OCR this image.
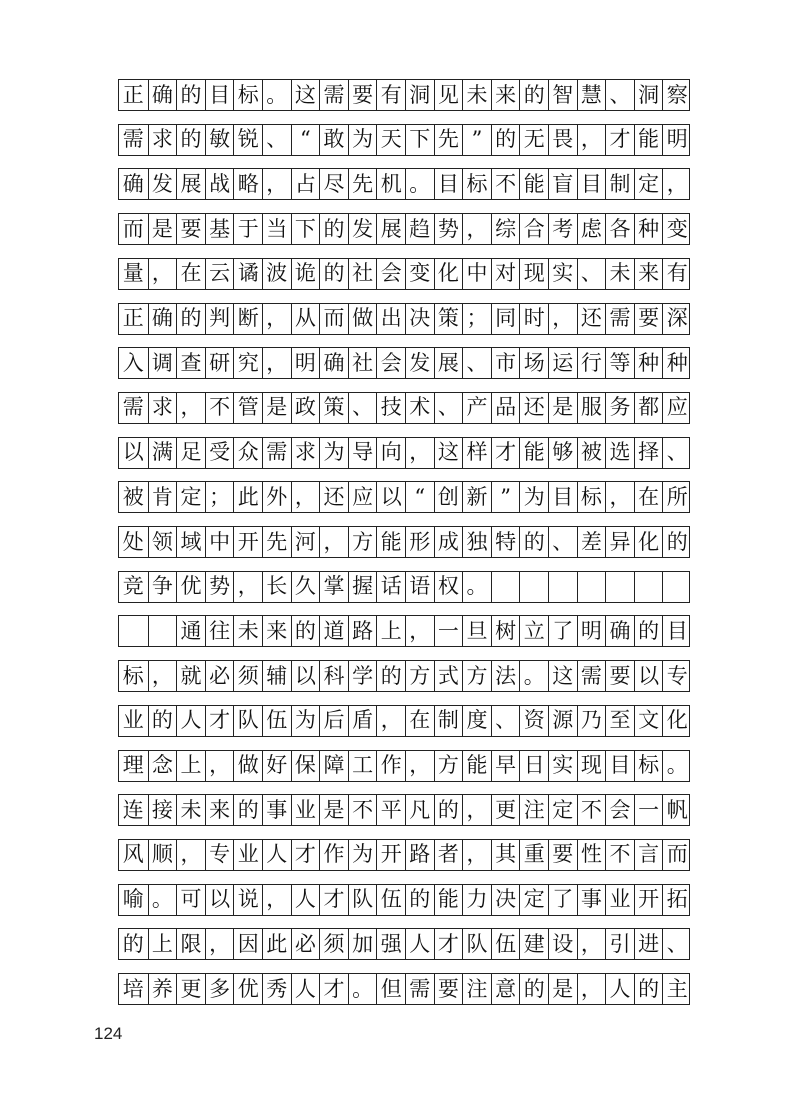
正 确 的 目 标 。 这 需 要 有 洞 见 未 来 的 智 慧 、 洞 察
需 求 的 敏 锐 、 “ 敢 为 天 下 先 ” 的 无 畏 ， 才 能 明
确 发 展 战 略 ， 占 尽 先 机 。 目 标 不 能 盲 目 制 定 ，
而 是 要 基 于 当 下 的 发 展 趋 势 ， 综 合 考 虑 各 种 变
量 ， 在 云 谲 波 诡 的 社 会 变 化 中 对 现 实 、 未 来 有
正 确 的 判 断 ， 从 而 做 出 决 策 ； 同 时 ， 还 需 要 深
入 调 查 研 究 ， 明 确 社 会 发 展 、 市 场 运 行 等 种 种
需 求 ， 不 管 是 政 策 、 技 术 、 产 品 还 是 服 务 都 应
以 满 足 受 众 需 求 为 导 向 ， 这 样 才 能 够 被 选 择 、
被 肯 定 ； 此 外 ， 还 应 以 “ 创 新 ” 为 目 标 ， 在 所
处 领 域 中 开 先 河 ， 方 能 形 成 独 特 的 、 差 异 化 的
竞 争 优 势 ， 长 久 掌 握 话 语 权 。
通 往 未 来 的 道 路 上 ， 一 旦 树 立 了 明 确 的 目
标 ， 就 必 须 辅 以 科 学 的 方 式 方 法 。 这 需 要 以 专
业 的 人 才 队 伍 为 后 盾 ， 在 制 度 、 资 源 乃 至 文 化
理 念 上 ， 做 好 保 障 工 作 ， 方 能 早 日 实 现 目 标 。
连 接 未 来 的 事 业 是 不 平 凡 的 ， 更 注 定 不 会 一 帆
风 顺 ， 专 业 人 才 作 为 开 路 者 ， 其 重 要 性 不 言 而
喻 。 可 以 说 ， 人 才 队 伍 的 能 力 决 定 了 事 业 开 拓
的 上 限 ， 因 此 必 须 加 强 人 才 队 伍 建 设 ， 引 进 、
培 养 更 多 优 秀 人 才 。 但 需 要 注 意 的 是 ， 人 的 主
124
